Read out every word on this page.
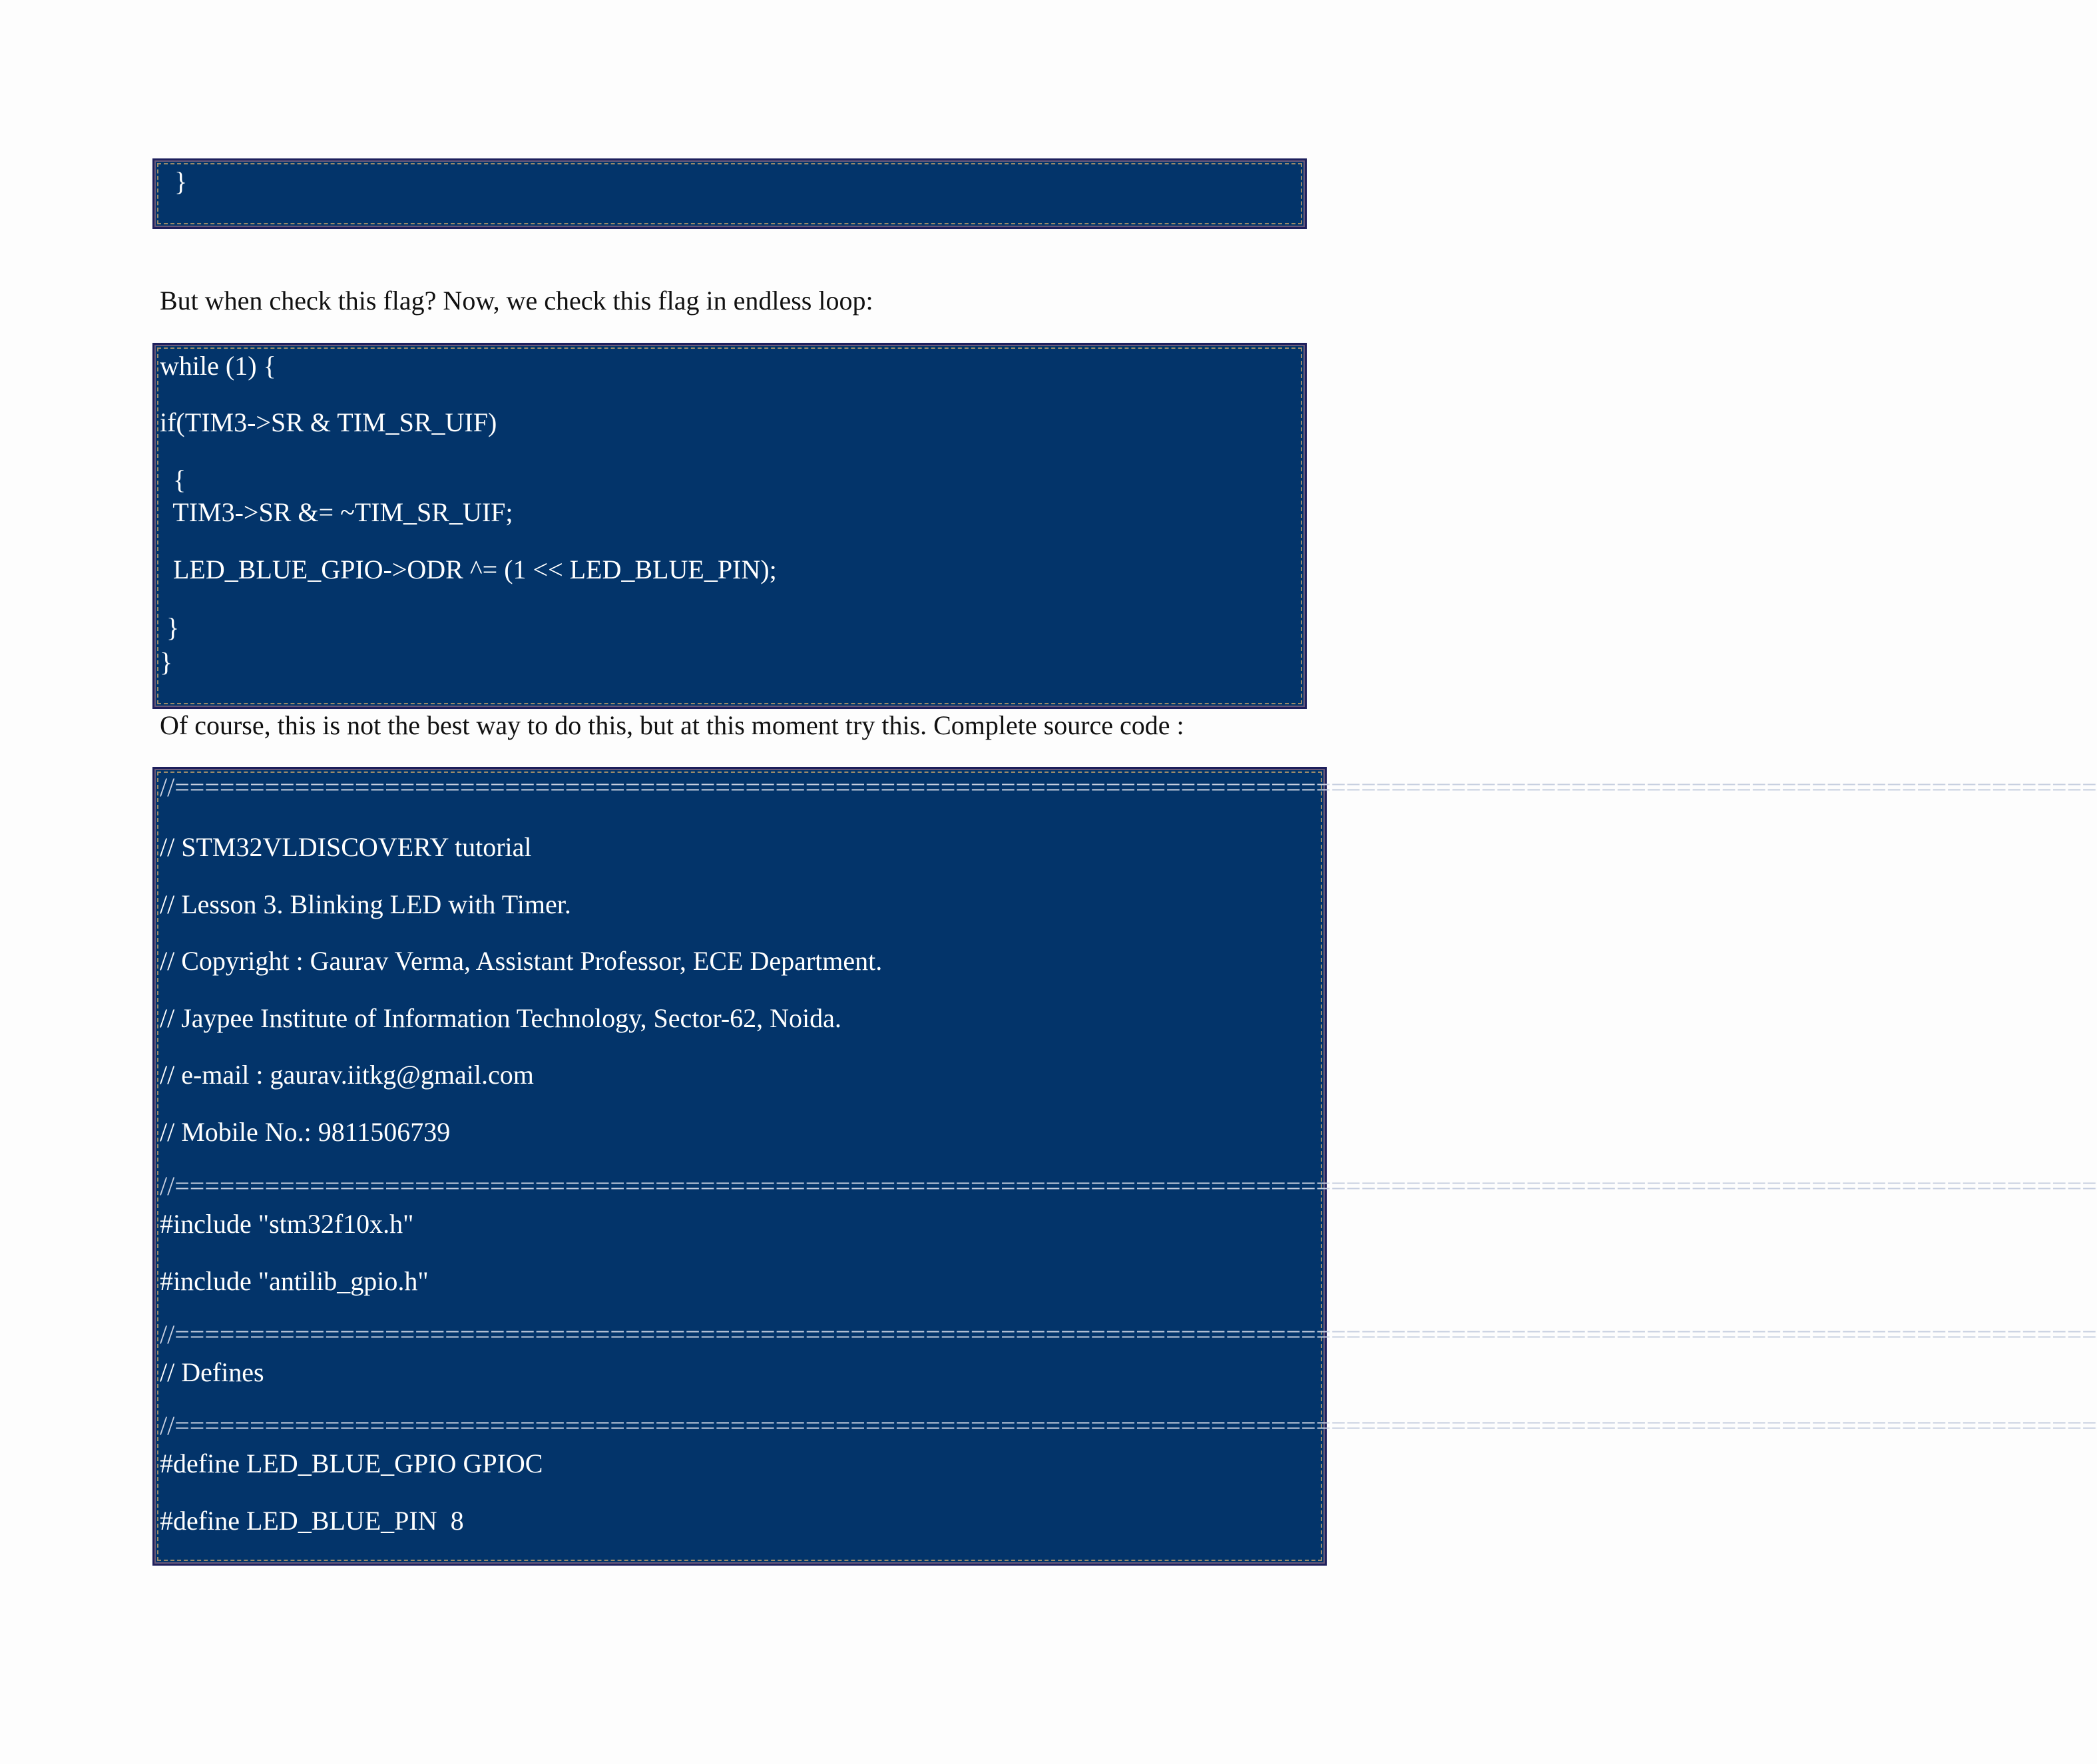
}
But when check this flag? Now, we check this flag in endless loop:
while (1) {
if(TIM3->SR & TIM_SR_UIF)
{
TIM3->SR &= ~TIM_SR_UIF;
LED_BLUE_GPIO->ODR ^= (1 << LED_BLUE_PIN);
}
}
Of course, this is not the best way to do this, but at this moment try this. Complete source code :
//================================================================================================================================
// STM32VLDISCOVERY tutorial
// Lesson 3. Blinking LED with Timer.
// Copyright : Gaurav Verma, Assistant Professor, ECE Department.
// Jaypee Institute of Information Technology, Sector-62, Noida.
// e-mail : gaurav.iitkg@gmail.com
// Mobile No.: 9811506739
//================================================================================================================================
#include "stm32f10x.h"
#include "antilib_gpio.h"
//================================================================================================================================
// Defines
//================================================================================================================================
#define LED_BLUE_GPIO GPIOC
#define LED_BLUE_PIN  8
